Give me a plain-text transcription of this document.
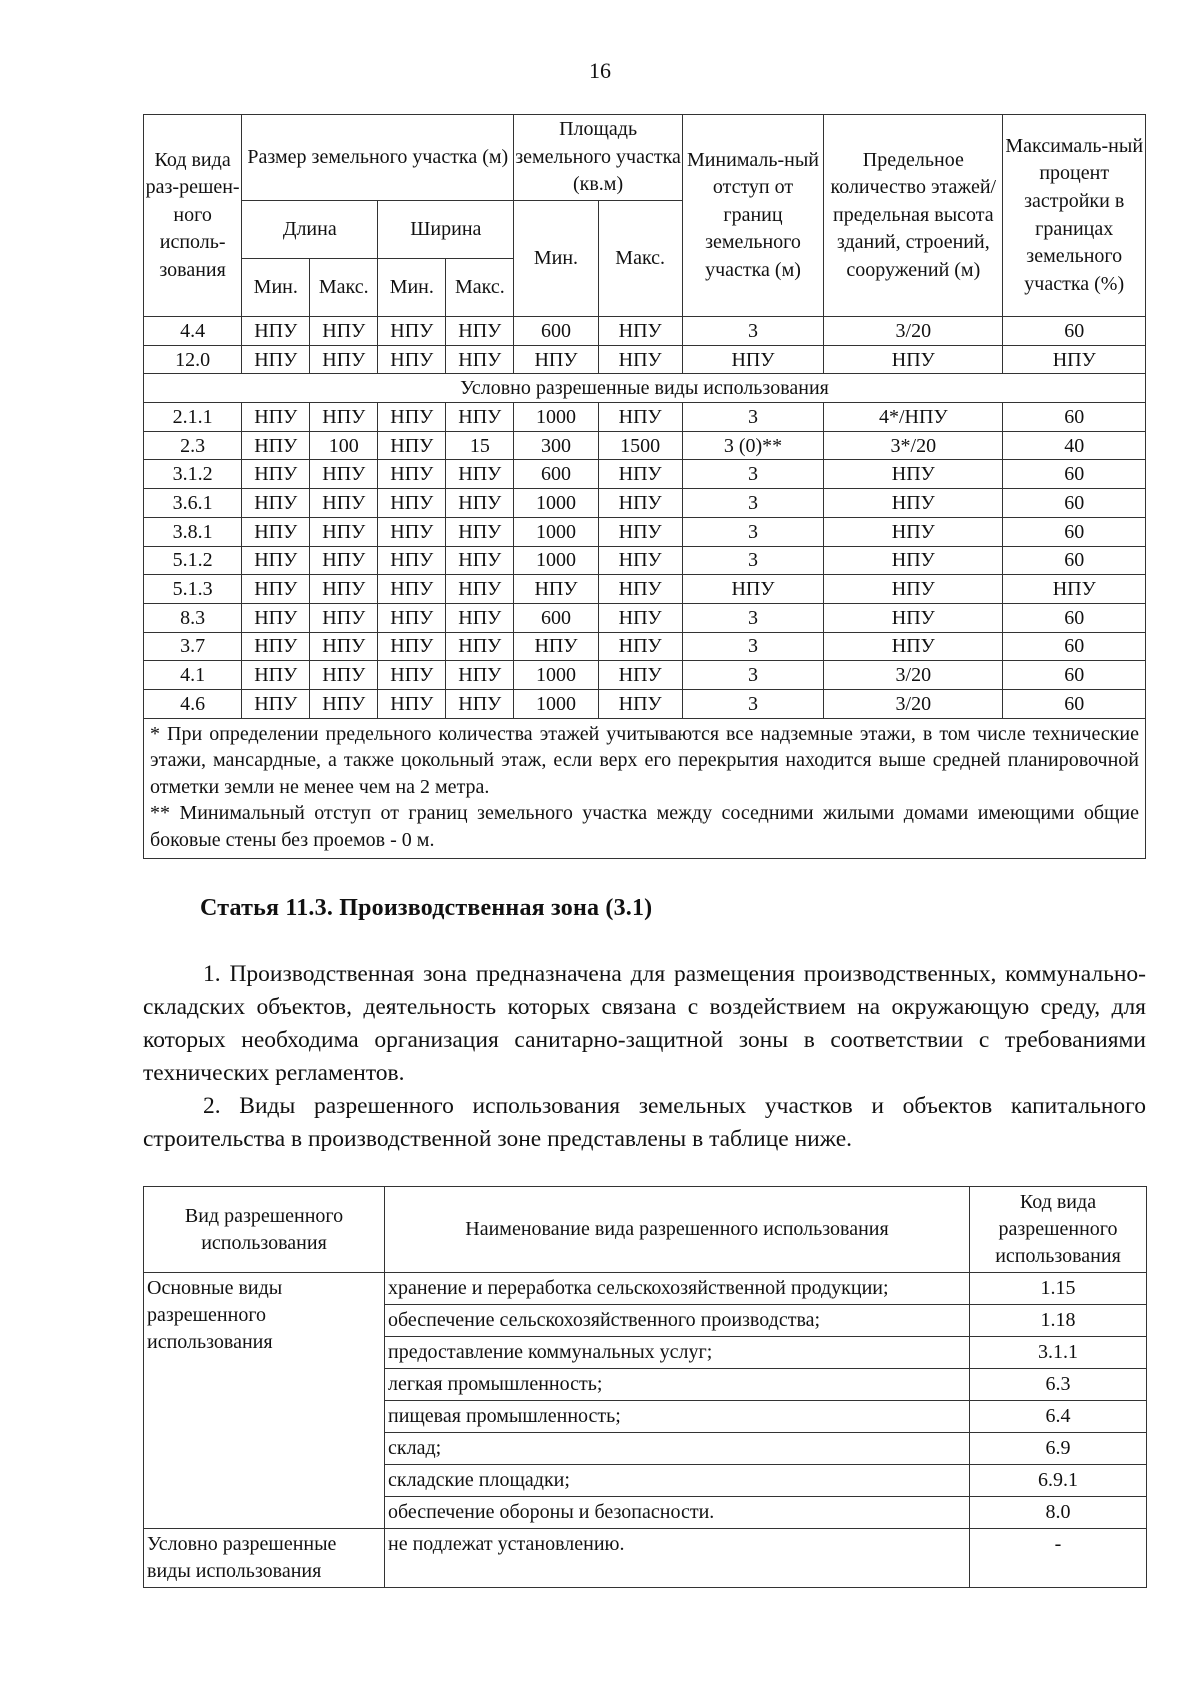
16
Код вида раз-решен-ного исполь-зования	Размер земельного участка (м)				Площадь земельного участка (кв.м)		Минималь-ный отступ от границ земельного участка (м)	Предельное количество этажей/ предельная высота зданий, строений, сооружений (м)	Максималь-ный процент застройки в границах земельного участка (%)
	Длина		Ширина		Мин.	Макс.			
	Мин.	Макс.	Мин.	Макс.					
4.4	НПУ	НПУ	НПУ	НПУ	600	НПУ	3	3/20	60
12.0	НПУ	НПУ	НПУ	НПУ	НПУ	НПУ	НПУ	НПУ	НПУ
Условно разрешенные виды использования									
2.1.1	НПУ	НПУ	НПУ	НПУ	1000	НПУ	3	4*/НПУ	60
2.3	НПУ	100	НПУ	15	300	1500	3 (0)**	3*/20	40
3.1.2	НПУ	НПУ	НПУ	НПУ	600	НПУ	3	НПУ	60
3.6.1	НПУ	НПУ	НПУ	НПУ	1000	НПУ	3	НПУ	60
3.8.1	НПУ	НПУ	НПУ	НПУ	1000	НПУ	3	НПУ	60
5.1.2	НПУ	НПУ	НПУ	НПУ	1000	НПУ	3	НПУ	60
5.1.3	НПУ	НПУ	НПУ	НПУ	НПУ	НПУ	НПУ	НПУ	НПУ
8.3	НПУ	НПУ	НПУ	НПУ	600	НПУ	3	НПУ	60
3.7	НПУ	НПУ	НПУ	НПУ	НПУ	НПУ	3	НПУ	60
4.1	НПУ	НПУ	НПУ	НПУ	1000	НПУ	3	3/20	60
4.6	НПУ	НПУ	НПУ	НПУ	1000	НПУ	3	3/20	60

* При определении предельного количества этажей учитываются все надземные этажи, в том числе технические этажи, мансардные, а также цокольный этаж, если верх его перекрытия находится выше средней планировочной отметки земли не менее чем на 2 метра.

** Минимальный отступ от границ земельного участка между соседними жилыми домами имеющими общие боковые стены без проемов - 0 м.									

Статья 11.3. Производственная зона (3.1)

1. Производственная зона предназначена для размещения производственных, коммунально-складских объектов, деятельность которых связана с воздействием на окружающую среду, для которых необходима организация санитарно-защитной зоны в соответствии с требованиями технических регламентов.

2. Виды разрешенного использования земельных участков и объектов капитального строительства в производственной зоне представлены в таблице ниже.

Вид разрешенного использования	Наименование вида разрешенного использования	Код вида разрешенного использования
Основные виды разрешенного использования	хранение и переработка сельскохозяйственной продукции;	1.15
	обеспечение сельскохозяйственного производства;	1.18
	предоставление коммунальных услуг;	3.1.1
	легкая промышленность;	6.3
	пищевая промышленность;	6.4
	склад;	6.9
	складские площадки;	6.9.1
	обеспечение обороны и безопасности.	8.0
Условно разрешенные виды использования	не подлежат установлению.	-
